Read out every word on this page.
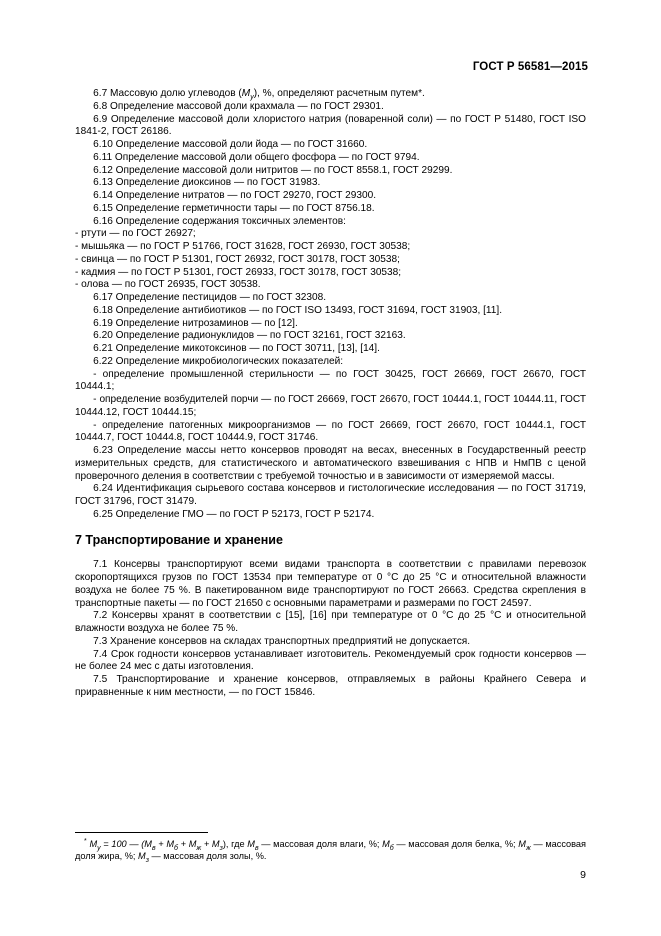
ГОСТ Р 56581—2015

6.7 Массовую долю углеводов $(M_у)$, %, определяют расчетным путем*.

6.8 Определение массовой доли крахмала — по ГОСТ 29301.

6.9 Определение массовой доли хлористого натрия (поваренной соли) — по ГОСТ Р 51480, ГОСТ ISO 1841-2, ГОСТ 26186.

6.10 Определение массовой доли йода — по ГОСТ 31660.

6.11 Определение массовой доли общего фосфора — по ГОСТ 9794.

6.12 Определение массовой доли нитритов — по ГОСТ 8558.1, ГОСТ 29299.

6.13 Определение диоксинов — по ГОСТ 31983.

6.14 Определение нитратов — по ГОСТ 29270, ГОСТ 29300.

6.15 Определение герметичности тары — по ГОСТ 8756.18.

6.16 Определение содержания токсичных элементов:

- ртути — по ГОСТ 26927;

- мышьяка — по ГОСТ Р 51766, ГОСТ 31628, ГОСТ 26930, ГОСТ 30538;

- свинца — по ГОСТ Р 51301, ГОСТ 26932, ГОСТ 30178, ГОСТ 30538;

- кадмия — по ГОСТ Р 51301, ГОСТ 26933, ГОСТ 30178, ГОСТ 30538;

- олова — по ГОСТ 26935, ГОСТ 30538.

6.17 Определение пестицидов — по ГОСТ 32308.

6.18 Определение антибиотиков — по ГОСТ ISO 13493, ГОСТ 31694, ГОСТ 31903, [11].

6.19 Определение нитрозаминов — по [12].

6.20 Определение радионуклидов — по ГОСТ 32161, ГОСТ 32163.

6.21 Определение микотоксинов — по ГОСТ 30711, [13], [14].

6.22 Определение микробиологических показателей:

- определение промышленной стерильности — по ГОСТ 30425, ГОСТ 26669, ГОСТ 26670, ГОСТ 10444.1;

- определение возбудителей порчи — по ГОСТ 26669, ГОСТ 26670, ГОСТ 10444.1, ГОСТ 10444.11, ГОСТ 10444.12, ГОСТ 10444.15;

- определение патогенных микроорганизмов — по ГОСТ 26669, ГОСТ 26670, ГОСТ 10444.1, ГОСТ 10444.7, ГОСТ 10444.8, ГОСТ 10444.9, ГОСТ 31746.

6.23 Определение массы нетто консервов проводят на весах, внесенных в Государственный реестр измерительных средств, для статистического и автоматического взвешивания с НПВ и НмПВ с ценой проверочного деления в соответствии с требуемой точностью и в зависимости от измеряемой массы.

6.24 Идентификация сырьевого состава консервов и гистологические исследования — по ГОСТ 31719, ГОСТ 31796, ГОСТ 31479.

6.25 Определение ГМО — по ГОСТ Р 52173, ГОСТ Р 52174.

7 Транспортирование и хранение

7.1 Консервы транспортируют всеми видами транспорта в соответствии с правилами перевозок скоропортящихся грузов по ГОСТ 13534 при температуре от 0 °С до 25 °С и относительной влажности воздуха не более 75 %. В пакетированном виде транспортируют по ГОСТ 26663. Средства скрепления в транспортные пакеты — по ГОСТ 21650 с основными параметрами и размерами по ГОСТ 24597.

7.2 Консервы хранят в соответствии с [15], [16] при температуре от 0 °С до 25 °С и относительной влажности воздуха не более 75 %.

7.3 Хранение консервов на складах транспортных предприятий не допускается.

7.4 Срок годности консервов устанавливает изготовитель. Рекомендуемый срок годности консервов — не более 24 мес с даты изготовления.

7.5 Транспортирование и хранение консервов, отправляемых в районы Крайнего Севера и приравненные к ним местности, — по ГОСТ 15846.

* $M_у = 100$ — $(M_в + M_б + M_ж + M_з)$, где $M_в$ — массовая доля влаги, %; $M_б$ — массовая доля белка, %; $M_ж$ — массовая доля жира, %; $M_з$ — массовая доля золы, %.
9
